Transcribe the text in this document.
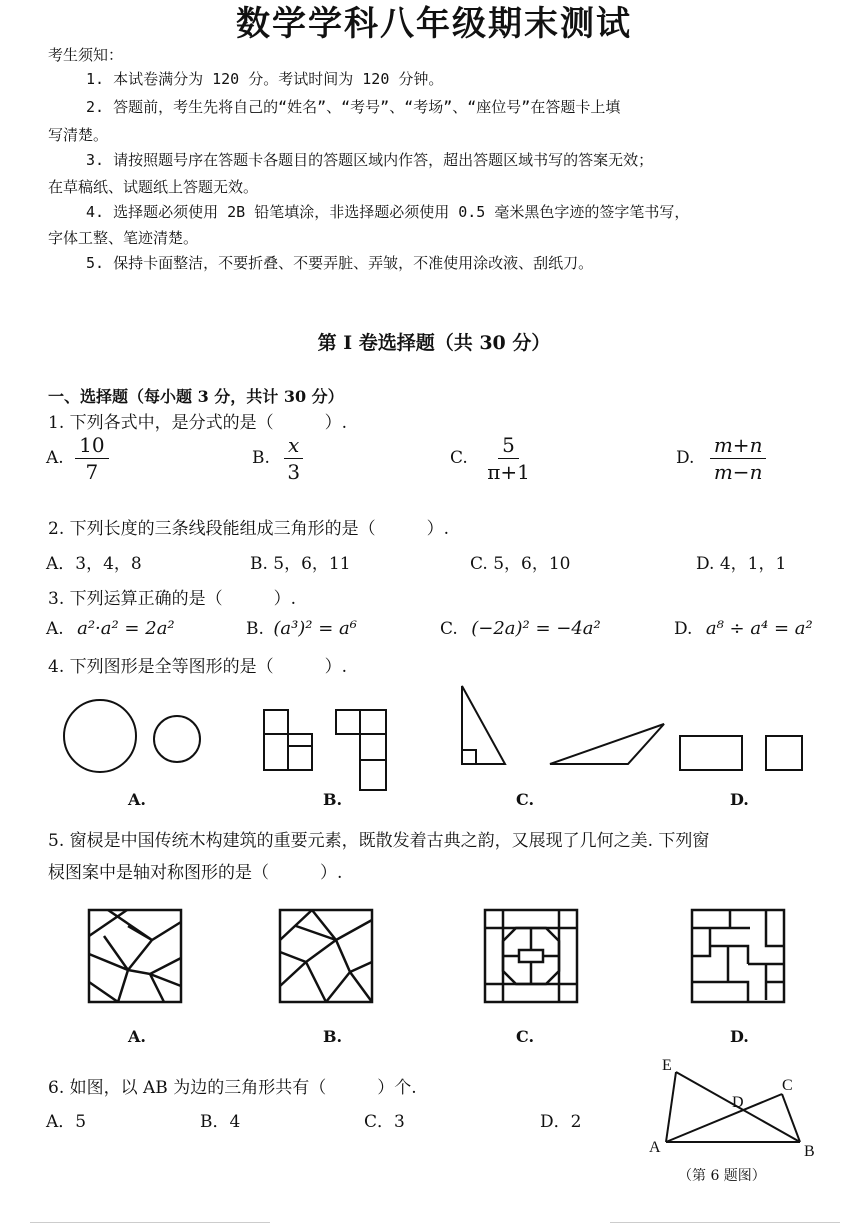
数学学科八年级期末测试
考生须知：
1. 本试卷满分为 120 分。考试时间为 120 分钟。
2. 答题前，考生先将自己的“姓名”、“考号”、“考场”、“座位号”在答题卡上填
写清楚。
3. 请按照题号序在答题卡各题目的答题区域内作答，超出答题区域书写的答案无效；
在草稿纸、试题纸上答题无效。
4. 选择题必须使用 2B 铅笔填涂，非选择题必须使用 0.5 毫米黑色字迹的签字笔书写，
字体工整、笔迹清楚。
5. 保持卡面整洁，不要折叠、不要弄脏、弄皱，不准使用涂改液、刮纸刀。
第 I 卷选择题（共 30 分）
一、选择题（每小题 3 分，共计 30 分）
1. 下列各式中，是分式的是（　　　）.
A. $\frac{10}{7}$	B. $\frac{x}{3}$	C. $\frac{5}{\pi+1}$	D. $\frac{m+n}{m-n}$
2. 下列长度的三条线段能组成三角形的是（　　　）.
A．3，4，8	B. 5，6，11	C. 5，6，10	D. 4，1，1
3. 下列运算正确的是（　　　）.
A. a²·a² = 2a²	B. (a³)² = a⁶	C. (−2a)² = −4a²	D. a⁸ ÷ a⁴ = a²
4. 下列图形是全等图形的是（　　　）.
A.	B.	C.	D.
5. 窗棂是中国传统木构建筑的重要元素，既散发着古典之韵，又展现了几何之美. 下列窗
棂图案中是轴对称图形的是（　　　）.
A.	B.	C.	D.
6. 如图，以 AB 为边的三角形共有（　　　）个.
A．5	B．4	C．3	D．2
E
D
C
A	B
（第 6 题图）
